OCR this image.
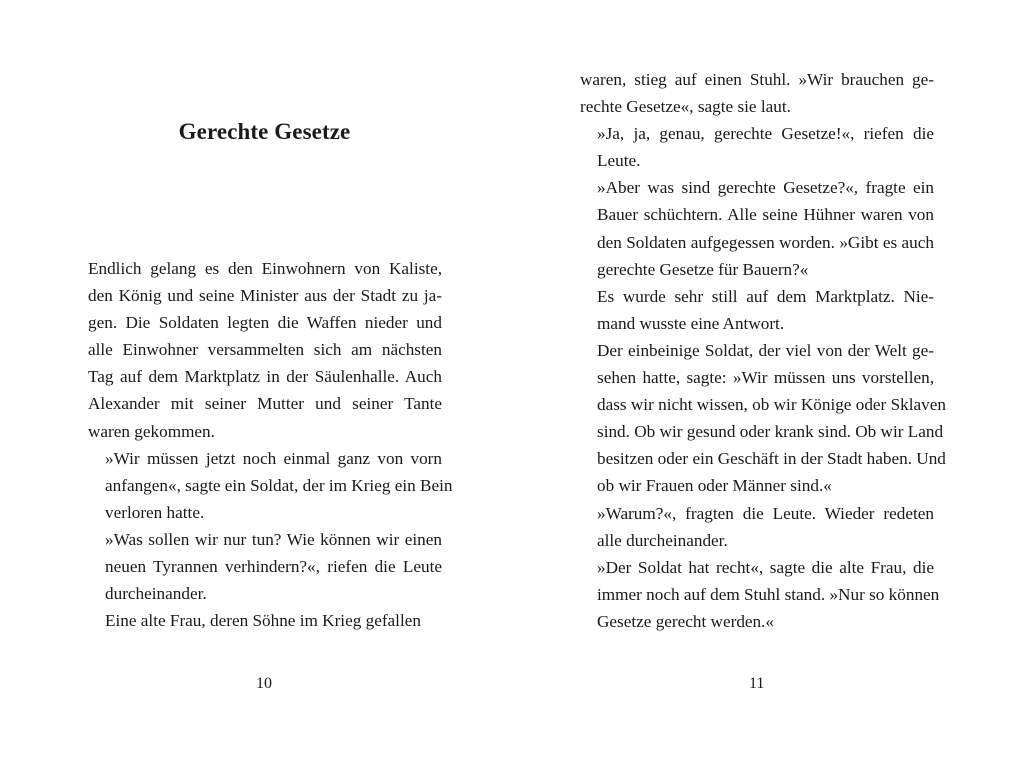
Gerechte Gesetze

Endlich gelang es den Einwohnern von Kaliste,
den König und seine Minister aus der Stadt zu ja-
gen. Die Soldaten legten die Waffen nieder und
alle Einwohner versammelten sich am nächsten
Tag auf dem Marktplatz in der Säulenhalle. Auch
Alexander mit seiner Mutter und seiner Tante
waren gekommen.

»Wir müssen jetzt noch einmal ganz von vorn
anfangen«, sagte ein Soldat, der im Krieg ein Bein
verloren hatte.

»Was sollen wir nur tun? Wie können wir einen
neuen Tyrannen verhindern?«, riefen die Leute
durcheinander.

Eine alte Frau, deren Söhne im Krieg gefallen

10

waren, stieg auf einen Stuhl. »Wir brauchen ge-
rechte Gesetze«, sagte sie laut.

»Ja, ja, genau, gerechte Gesetze!«, riefen die
Leute.

»Aber was sind gerechte Gesetze?«, fragte ein
Bauer schüchtern. Alle seine Hühner waren von
den Soldaten aufgegessen worden. »Gibt es auch
gerechte Gesetze für Bauern?«

Es wurde sehr still auf dem Marktplatz. Nie-
mand wusste eine Antwort.

Der einbeinige Soldat, der viel von der Welt ge-
sehen hatte, sagte: »Wir müssen uns vorstellen,
dass wir nicht wissen, ob wir Könige oder Sklaven
sind. Ob wir gesund oder krank sind. Ob wir Land
besitzen oder ein Geschäft in der Stadt haben. Und
ob wir Frauen oder Männer sind.«

»Warum?«, fragten die Leute. Wieder redeten
alle durcheinander.

»Der Soldat hat recht«, sagte die alte Frau, die
immer noch auf dem Stuhl stand. »Nur so können
Gesetze gerecht werden.«

11
